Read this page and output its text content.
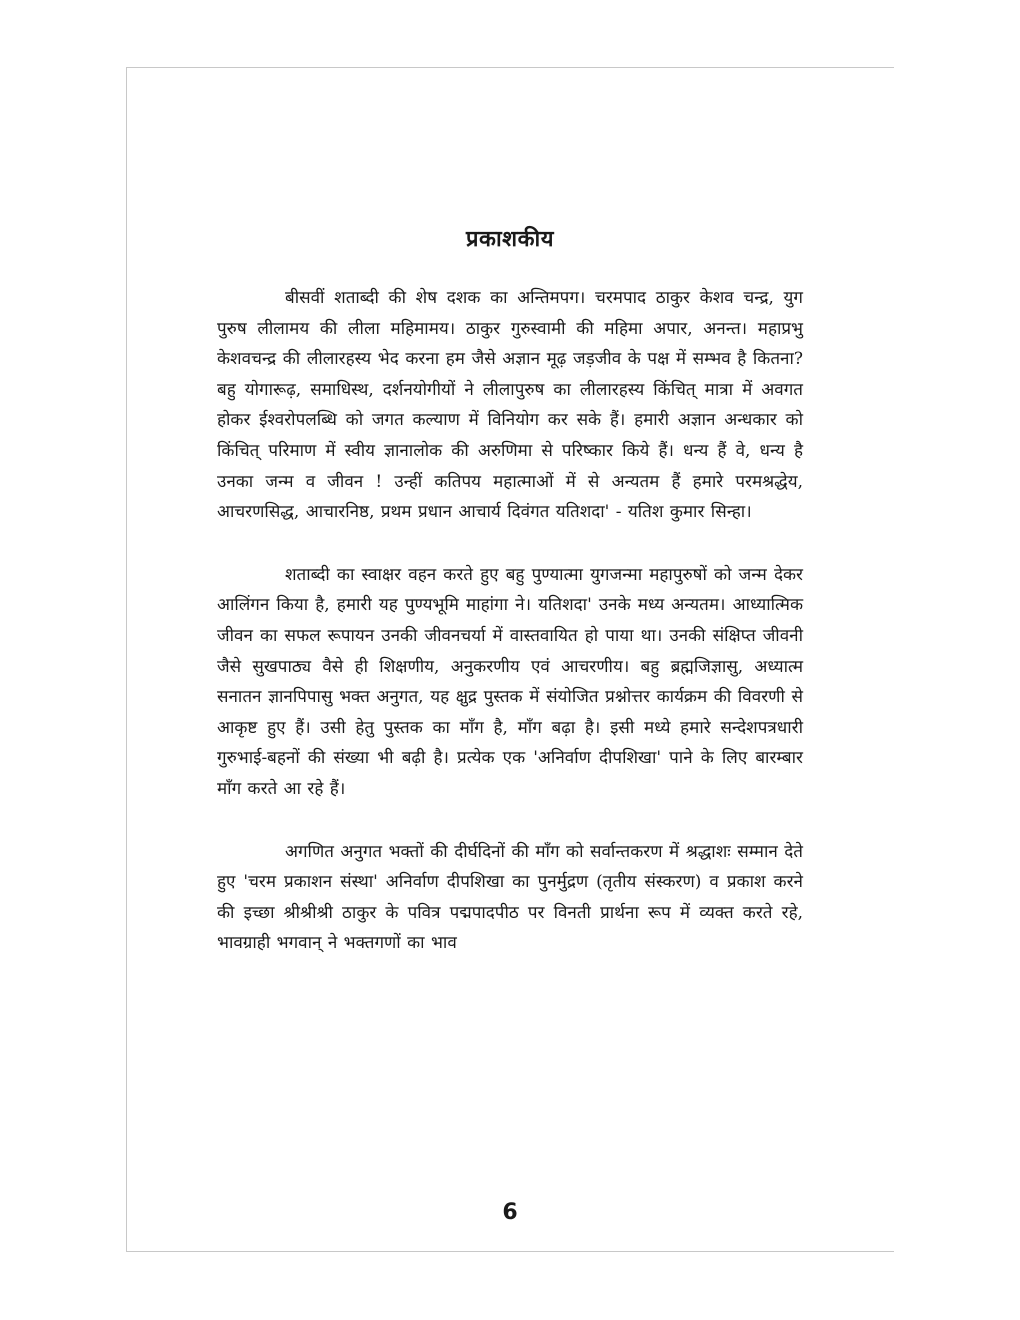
प्रकाशकीय

बीसवीं शताब्दी की शेष दशक का अन्तिमपग। चरमपाद ठाकुर केशव चन्द्र, युग पुरुष लीलामय की लीला महिमामय। ठाकुर गुरुस्वामी की महिमा अपार, अनन्त। महाप्रभु केशवचन्द्र की लीलारहस्य भेद करना हम जैसे अज्ञान मूढ़ जड़जीव के पक्ष में सम्भव है कितना? बहु योगारूढ़, समाधिस्थ, दर्शनयोगीयों ने लीलापुरुष का लीलारहस्य किंचित् मात्रा में अवगत होकर ईश्वरोपलब्धि को जगत कल्याण में विनियोग कर सके हैं। हमारी अज्ञान अन्धकार को किंचित् परिमाण में स्वीय ज्ञानालोक की अरुणिमा से परिष्कार किये हैं। धन्य हैं वे, धन्य है उनका जन्म व जीवन ! उन्हीं कतिपय महात्माओं में से अन्यतम हैं हमारे परमश्रद्धेय, आचरणसिद्ध, आचारनिष्ठ, प्रथम प्रधान आचार्य दिवंगत यतिशदा' - यतिश कुमार सिन्हा।

शताब्दी का स्वाक्षर वहन करते हुए बहु पुण्यात्मा युगजन्मा महापुरुषों को जन्म देकर आलिंगन किया है, हमारी यह पुण्यभूमि माहांगा ने। यतिशदा' उनके मध्य अन्यतम। आध्यात्मिक जीवन का सफल रूपायन उनकी जीवनचर्या में वास्तवायित हो पाया था। उनकी संक्षिप्त जीवनी जैसे सुखपाठ्य वैसे ही शिक्षणीय, अनुकरणीय एवं आचरणीय। बहु ब्रह्मजिज्ञासु, अध्यात्म सनातन ज्ञानपिपासु भक्त अनुगत, यह क्षुद्र पुस्तक में संयोजित प्रश्नोत्तर कार्यक्रम की विवरणी से आकृष्ट हुए हैं। उसी हेतु पुस्तक का माँग है, माँग बढ़ा है। इसी मध्ये हमारे सन्देशपत्रधारी गुरुभाई-बहनों की संख्या भी बढ़ी है। प्रत्येक एक 'अनिर्वाण दीपशिखा' पाने के लिए बारम्बार माँग करते आ रहे हैं।

अगणित अनुगत भक्तों की दीर्घदिनों की माँग को सर्वान्तकरण में श्रद्धाशः सम्मान देते हुए 'चरम प्रकाशन संस्था' अनिर्वाण दीपशिखा का पुनर्मुद्रण (तृतीय संस्करण) व प्रकाश करने की इच्छा श्रीश्रीश्री ठाकुर के पवित्र पद्मपादपीठ पर विनती प्रार्थना रूप में व्यक्त करते रहे, भावग्राही भगवान् ने भक्तगणों का भाव

6
